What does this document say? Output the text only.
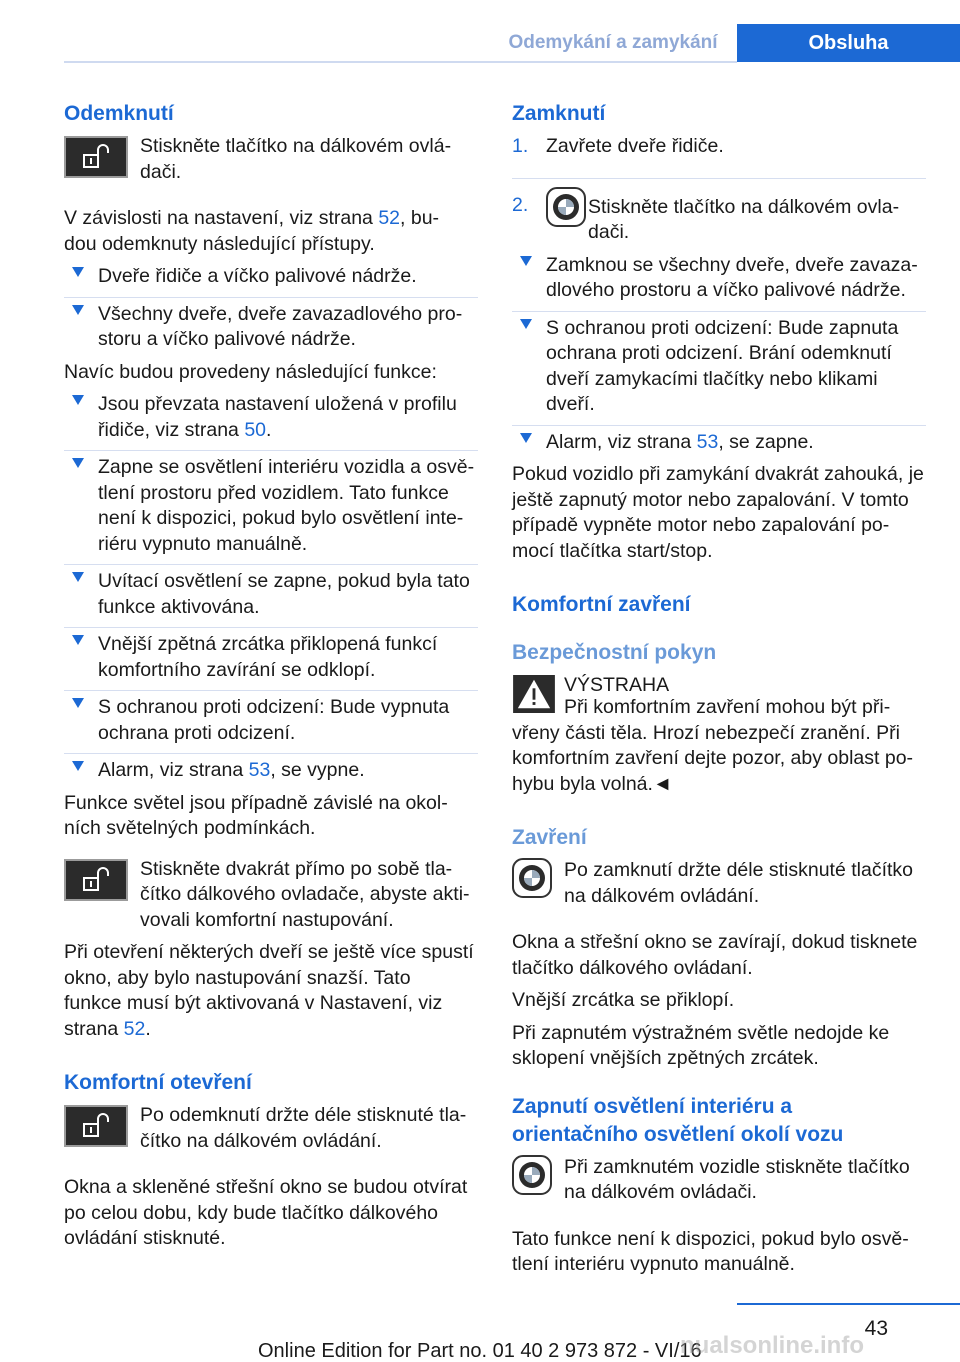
Odemykání a zamykání	Obsluha
Odemknutí
Stiskněte tlačítko na dálkovém ovlá-
dači.

V závislosti na nastavení, viz strana 52, bu-
dou odemknuty následující přístupy.

Dveře řidiče a víčko palivové nádrže.
Všechny dveře, dveře zavazadlového pro-
storu a víčko palivové nádrže.

Navíc budou provedeny následující funkce:

Jsou převzata nastavení uložená v profilu
řidiče, viz strana 50.
Zapne se osvětlení interiéru vozidla a osvě-
tlení prostoru před vozidlem. Tato funkce
není k dispozici, pokud bylo osvětlení inte-
riéru vypnuto manuálně.
Uvítací osvětlení se zapne, pokud byla tato
funkce aktivována.
Vnější zpětná zrcátka přiklopená funkcí
komfortního zavírání se odklopí.
S ochranou proti odcizení: Bude vypnuta
ochrana proti odcizení.
Alarm, viz strana 53, se vypne.

Funkce světel jsou případně závislé na okol-
ních světelných podmínkách.

Stiskněte dvakrát přímo po sobě tla-
čítko dálkového ovladače, abyste akti-
vovali komfortní nastupování.

Při otevření některých dveří se ještě více spustí
okno, aby bylo nastupování snazší. Tato
funkce musí být aktivovaná v Nastavení, viz
strana 52.

Komfortní otevření
Po odemknutí držte déle stisknuté tla-
čítko na dálkovém ovládání.

Okna a skleněné střešní okno se budou otvírat
po celou dobu, kdy bude tlačítko dálkového
ovládání stisknuté.

Zamknutí
1. Zavřete dveře řidiče.
2.	Stiskněte tlačítko na dálkovém ovla-
dači.
Zamknou se všechny dveře, dveře zavaza-
dlového prostoru a víčko palivové nádrže.
S ochranou proti odcizení: Bude zapnuta
ochrana proti odcizení. Brání odemknutí
dveří zamykacími tlačítky nebo klikami
dveří.
Alarm, viz strana 53, se zapne.

Pokud vozidlo při zamykání dvakrát zahouká, je
ještě zapnutý motor nebo zapalování. V tomto
případě vypněte motor nebo zapalování po-
mocí tlačítka start/stop.

Komfortní zavření
Bezpečnostní pokyn
VÝSTRAHA

Při komfortním zavření mohou být při-
vřeny části těla. Hrozí nebezpečí zranění. Při
komfortním zavření dejte pozor, aby oblast po-
hybu byla volná.◄

Zavření
Po zamknutí držte déle stisknuté tlačítko
na dálkovém ovládání.

Okna a střešní okno se zavírají, dokud tisknete
tlačítko dálkového ovládaní.

Vnější zrcátka se přiklopí.

Při zapnutém výstražném světle nedojde ke
sklopení vnějších zpětných zrcátek.

Zapnutí osvětlení interiéru a
orientačního osvětlení okolí vozu
Při zamknutém vozidle stiskněte tlačítko
na dálkovém ovládači.

Tato funkce není k dispozici, pokud bylo osvě-
tlení interiéru vypnuto manuálně.

43
Online Edition for Part no. 01 40 2 973 872 - VI/16
nualsonline.info
